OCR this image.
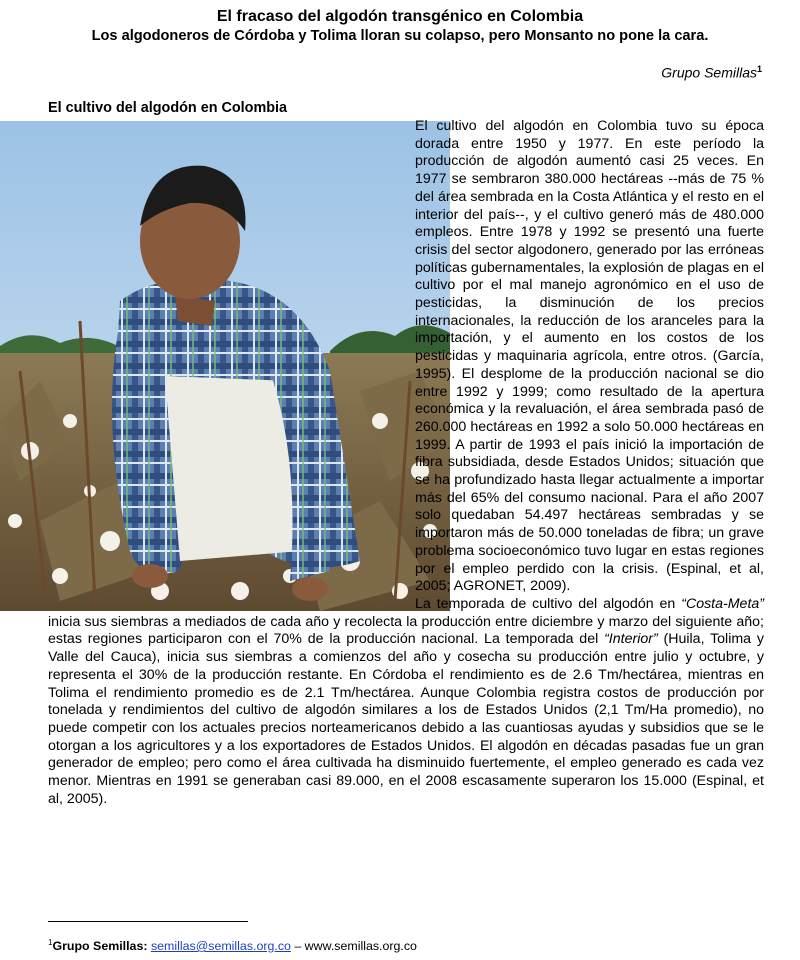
El fracaso del algodón transgénico en Colombia
Los algodoneros de Córdoba y Tolima lloran su colapso, pero Monsanto no pone la cara.

Grupo Semillas$^1$

El cultivo del algodón en Colombia

El cultivo del algodón en Colombia tuvo su época dorada entre 1950 y 1977. En este período la producción de algodón aumentó casi 25 veces. En 1977 se sembraron 380.000 hectáreas --más de 75 % del área sembrada en la Costa Atlántica y el resto en el interior del país--, y el cultivo generó más de 480.000 empleos. Entre 1978 y 1992 se presentó una fuerte crisis del sector algodonero, generado por las erróneas políticas gubernamentales, la explosión de plagas en el cultivo por el mal manejo agronómico en el uso de pesticidas, la disminución de los precios internacionales, la reducción de los aranceles para la importación, y el aumento en los costos de los pesticidas y maquinaria agrícola, entre otros. (García, 1995). El desplome de la producción nacional se dio entre 1992 y 1999; como resultado de la apertura económica y la revaluación, el área sembrada pasó de 260.000 hectáreas en 1992 a solo 50.000 hectáreas en 1999. A partir de 1993 el país inició la importación de fibra subsidiada, desde Estados Unidos; situación que se ha profundizado hasta llegar actualmente a importar más del 65% del consumo nacional. Para el año 2007 solo quedaban 54.497 hectáreas sembradas y se importaron más de 50.000 toneladas de fibra; un grave problema socioeconómico tuvo lugar en estas regiones por el empleo perdido con la crisis. (Espinal, et al, 2005; AGRONET, 2009).

La temporada de cultivo del algodón en “Costa-Meta” inicia sus siembras a mediados de cada año y recolecta la producción entre diciembre y marzo del siguiente año; estas regiones participaron con el 70% de la producción nacional. La temporada del “Interior” (Huila, Tolima y Valle del Cauca), inicia sus siembras a comienzos del año y cosecha su producción entre julio y octubre, y representa el 30% de la producción restante. En Córdoba el rendimiento es de 2.6 Tm/hectárea, mientras en Tolima el rendimiento promedio es de 2.1 Tm/hectárea. Aunque Colombia registra costos de producción por tonelada y rendimientos del cultivo de algodón similares a los de Estados Unidos (2,1 Tm/Ha promedio), no puede competir con los actuales precios norteamericanos debido a las cuantiosas ayudas y subsidios que se le otorgan a los agricultores y a los exportadores de Estados Unidos. El algodón en décadas pasadas fue un gran generador de empleo; pero como el área cultivada ha disminuido fuertemente, el empleo generado es cada vez menor. Mientras en 1991 se generaban casi 89.000, en el 2008 escasamente superaron los 15.000 (Espinal, et al, 2005).

$^1$Grupo Semillas: semillas@semillas.org.co – www.semillas.org.co
